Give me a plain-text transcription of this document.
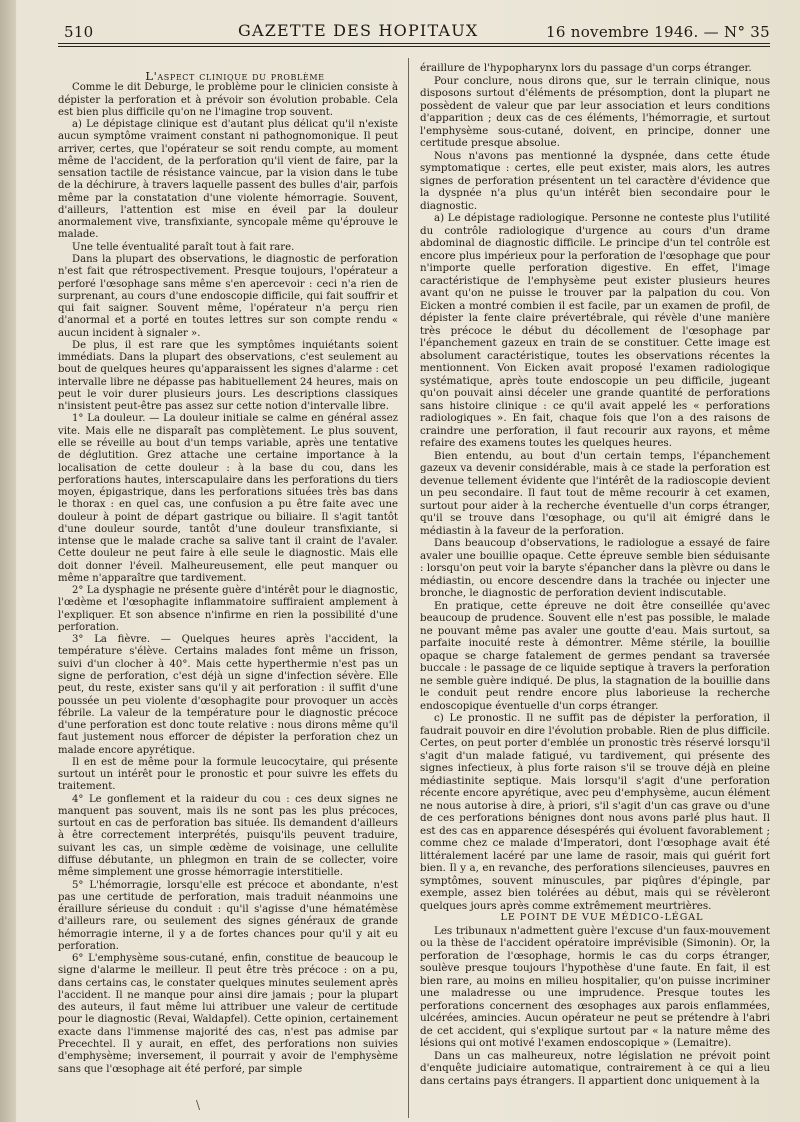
510	GAZETTE DES HOPITAUX	16 novembre 1946. — N° 35

L'aspect clinique du problème

Comme le dit Deburge, le problème pour le clinicien consiste à dépister la perforation et à prévoir son évolution probable. Cela est bien plus difficile qu'on ne l'imagine trop souvent.

a) Le dépistage clinique est d'autant plus délicat qu'il n'existe aucun symptôme vraiment constant ni pathognomonique. Il peut arriver, certes, que l'opérateur se soit rendu compte, au moment même de l'accident, de la perforation qu'il vient de faire, par la sensation tactile de résistance vaincue, par la vision dans le tube de la déchirure, à travers laquelle passent des bulles d'air, parfois même par la constatation d'une violente hémorragie. Souvent, d'ailleurs, l'attention est mise en éveil par la douleur anormalement vive, transfixiante, syncopale même qu'éprouve le malade.

Une telle éventualité paraît tout à fait rare.

Dans la plupart des observations, le diagnostic de perforation n'est fait que rétrospectivement. Presque toujours, l'opérateur a perforé l'œsophage sans même s'en apercevoir : ceci n'a rien de surprenant, au cours d'une endoscopie difficile, qui fait souffrir et qui fait saigner. Souvent même, l'opérateur n'a perçu rien d'anormal et a porté en toutes lettres sur son compte rendu « aucun incident à signaler ».

De plus, il est rare que les symptômes inquiétants soient immédiats. Dans la plupart des observations, c'est seulement au bout de quelques heures qu'apparaissent les signes d'alarme : cet intervalle libre ne dépasse pas habituellement 24 heures, mais on peut le voir durer plusieurs jours. Les descriptions classiques n'insistent peut-être pas assez sur cette notion d'intervalle libre.

1° La douleur. — La douleur initiale se calme en général assez vite. Mais elle ne disparaît pas complètement. Le plus souvent, elle se réveille au bout d'un temps variable, après une tentative de déglutition. Grez attache une certaine importance à la localisation de cette douleur : à la base du cou, dans les perforations hautes, interscapulaire dans les perforations du tiers moyen, épigastrique, dans les perforations situées très bas dans le thorax : en quel cas, une confusion a pu être faite avec une douleur à point de départ gastrique ou biliaire. Il s'agit tantôt d'une douleur sourde, tantôt d'une douleur transfixiante, si intense que le malade crache sa salive tant il craint de l'avaler. Cette douleur ne peut faire à elle seule le diagnostic. Mais elle doit donner l'éveil. Malheureusement, elle peut manquer ou même n'apparaître que tardivement.

2° La dysphagie ne présente guère d'intérêt pour le diagnostic, l'œdème et l'œsophagite inflammatoire suffiraient amplement à l'expliquer. Et son absence n'infirme en rien la possibilité d'une perforation.

3° La fièvre. — Quelques heures après l'accident, la température s'élève. Certains malades font même un frisson, suivi d'un clocher à 40°. Mais cette hyperthermie n'est pas un signe de perforation, c'est déjà un signe d'infection sévère. Elle peut, du reste, exister sans qu'il y ait perforation : il suffit d'une poussée un peu violente d'œsophagite pour provoquer un accès fébrile. La valeur de la température pour le diagnostic précoce d'une perforation est donc toute relative : nous dirons même qu'il faut justement nous efforcer de dépister la perforation chez un malade encore apyrétique.

Il en est de même pour la formule leucocytaire, qui présente surtout un intérêt pour le pronostic et pour suivre les effets du traitement.

4° Le gonflement et la raideur du cou : ces deux signes ne manquent pas souvent, mais ils ne sont pas les plus précoces, surtout en cas de perforation bas située. Ils demandent d'ailleurs à être correctement interprétés, puisqu'ils peuvent traduire, suivant les cas, un simple œdème de voisinage, une cellulite diffuse débutante, un phlegmon en train de se collecter, voire même simplement une grosse hémorragie interstitielle.

5° L'hémorragie, lorsqu'elle est précoce et abondante, n'est pas une certitude de perforation, mais traduit néanmoins une éraillure sérieuse du conduit : qu'il s'agisse d'une hématémèse d'ailleurs rare, ou seulement des signes généraux de grande hémorragie interne, il y a de fortes chances pour qu'il y ait eu perforation.

6° L'emphysème sous-cutané, enfin, constitue de beaucoup le signe d'alarme le meilleur. Il peut être très précoce : on a pu, dans certains cas, le constater quelques minutes seulement après l'accident. Il ne manque pour ainsi dire jamais ; pour la plupart des auteurs, il faut même lui attribuer une valeur de certitude pour le diagnostic (Revai, Waldapfel). Cette opinion, certainement exacte dans l'immense majorité des cas, n'est pas admise par Precechtel. Il y aurait, en effet, des perforations non suivies d'emphysème; inversement, il pourrait y avoir de l'emphysème sans que l'œsophage ait été perforé, par simple

éraillure de l'hypopharynx lors du passage d'un corps étranger.

Pour conclure, nous dirons que, sur le terrain clinique, nous disposons surtout d'éléments de présomption, dont la plupart ne possèdent de valeur que par leur association et leurs conditions d'apparition ; deux cas de ces éléments, l'hémorragie, et surtout l'emphysème sous-cutané, doivent, en principe, donner une certitude presque absolue.

Nous n'avons pas mentionné la dyspnée, dans cette étude symptomatique : certes, elle peut exister, mais alors, les autres signes de perforation présentent un tel caractère d'évidence que la dyspnée n'a plus qu'un intérêt bien secondaire pour le diagnostic.

a) Le dépistage radiologique. Personne ne conteste plus l'utilité du contrôle radiologique d'urgence au cours d'un drame abdominal de diagnostic difficile. Le principe d'un tel contrôle est encore plus impérieux pour la perforation de l'œsophage que pour n'importe quelle perforation digestive. En effet, l'image caractéristique de l'emphysème peut exister plusieurs heures avant qu'on ne puisse le trouver par la palpation du cou. Von Eicken a montré combien il est facile, par un examen de profil, de dépister la fente claire prévertébrale, qui révèle d'une manière très précoce le début du décollement de l'œsophage par l'épanchement gazeux en train de se constituer. Cette image est absolument caractéristique, toutes les observations récentes la mentionnent. Von Eicken avait proposé l'examen radiologique systématique, après toute endoscopie un peu difficile, jugeant qu'on pouvait ainsi déceler une grande quantité de perforations sans histoire clinique : ce qu'il avait appelé les « perforations radiologiques ». En fait, chaque fois que l'on a des raisons de craindre une perforation, il faut recourir aux rayons, et même refaire des examens toutes les quelques heures.

Bien entendu, au bout d'un certain temps, l'épanchement gazeux va devenir considérable, mais à ce stade la perforation est devenue tellement évidente que l'intérêt de la radioscopie devient un peu secondaire. Il faut tout de même recourir à cet examen, surtout pour aider à la recherche éventuelle d'un corps étranger, qu'il se trouve dans l'œsophage, ou qu'il ait émigré dans le médiastin à la faveur de la perforation.

Dans beaucoup d'observations, le radiologue a essayé de faire avaler une bouillie opaque. Cette épreuve semble bien séduisante : lorsqu'on peut voir la baryte s'épancher dans la plèvre ou dans le médiastin, ou encore descendre dans la trachée ou injecter une bronche, le diagnostic de perforation devient indiscutable.

En pratique, cette épreuve ne doit être conseillée qu'avec beaucoup de prudence. Souvent elle n'est pas possible, le malade ne pouvant même pas avaler une goutte d'eau. Mais surtout, sa parfaite inocuité reste à démontrer. Même stérile, la bouillie opaque se charge fatalement de germes pendant sa traversée buccale : le passage de ce liquide septique à travers la perforation ne semble guère indiqué. De plus, la stagnation de la bouillie dans le conduit peut rendre encore plus laborieuse la recherche endoscopique éventuelle d'un corps étranger.

c) Le pronostic. Il ne suffit pas de dépister la perforation, il faudrait pouvoir en dire l'évolution probable. Rien de plus difficile. Certes, on peut porter d'emblée un pronostic très réservé lorsqu'il s'agit d'un malade fatigué, vu tardivement, qui présente des signes infectieux, à plus forte raison s'il se trouve déjà en pleine médiastinite septique. Mais lorsqu'il s'agit d'une perforation récente encore apyrétique, avec peu d'emphysème, aucun élément ne nous autorise à dire, à priori, s'il s'agit d'un cas grave ou d'une de ces perforations bénignes dont nous avons parlé plus haut. Il est des cas en apparence désespérés qui évoluent favorablement ; comme chez ce malade d'Imperatori, dont l'œsophage avait été littéralement lacéré par une lame de rasoir, mais qui guérit fort bien. Il y a, en revanche, des perforations silencieuses, pauvres en symptômes, souvent minuscules, par piqûres d'épingle, par exemple, assez bien tolérées au début, mais qui se révèleront quelques jours après comme extrêmement meurtrières.

LE POINT DE VUE MÉDICO-LÉGAL

Les tribunaux n'admettent guère l'excuse d'un faux-mouvement ou la thèse de l'accident opératoire imprévisible (Simonin). Or, la perforation de l'œsophage, hormis le cas du corps étranger, soulève presque toujours l'hypothèse d'une faute. En fait, il est bien rare, au moins en milieu hospitalier, qu'on puisse incriminer une maladresse ou une imprudence. Presque toutes les perforations concernent des œsophages aux parois enflammées, ulcérées, amincies. Aucun opérateur ne peut se prétendre à l'abri de cet accident, qui s'explique surtout par « la nature même des lésions qui ont motivé l'examen endoscopique » (Lemaitre).

Dans un cas malheureux, notre législation ne prévoit point d'enquête judiciaire automatique, contrairement à ce qui a lieu dans certains pays étrangers. Il appartient donc uniquement à la

\
